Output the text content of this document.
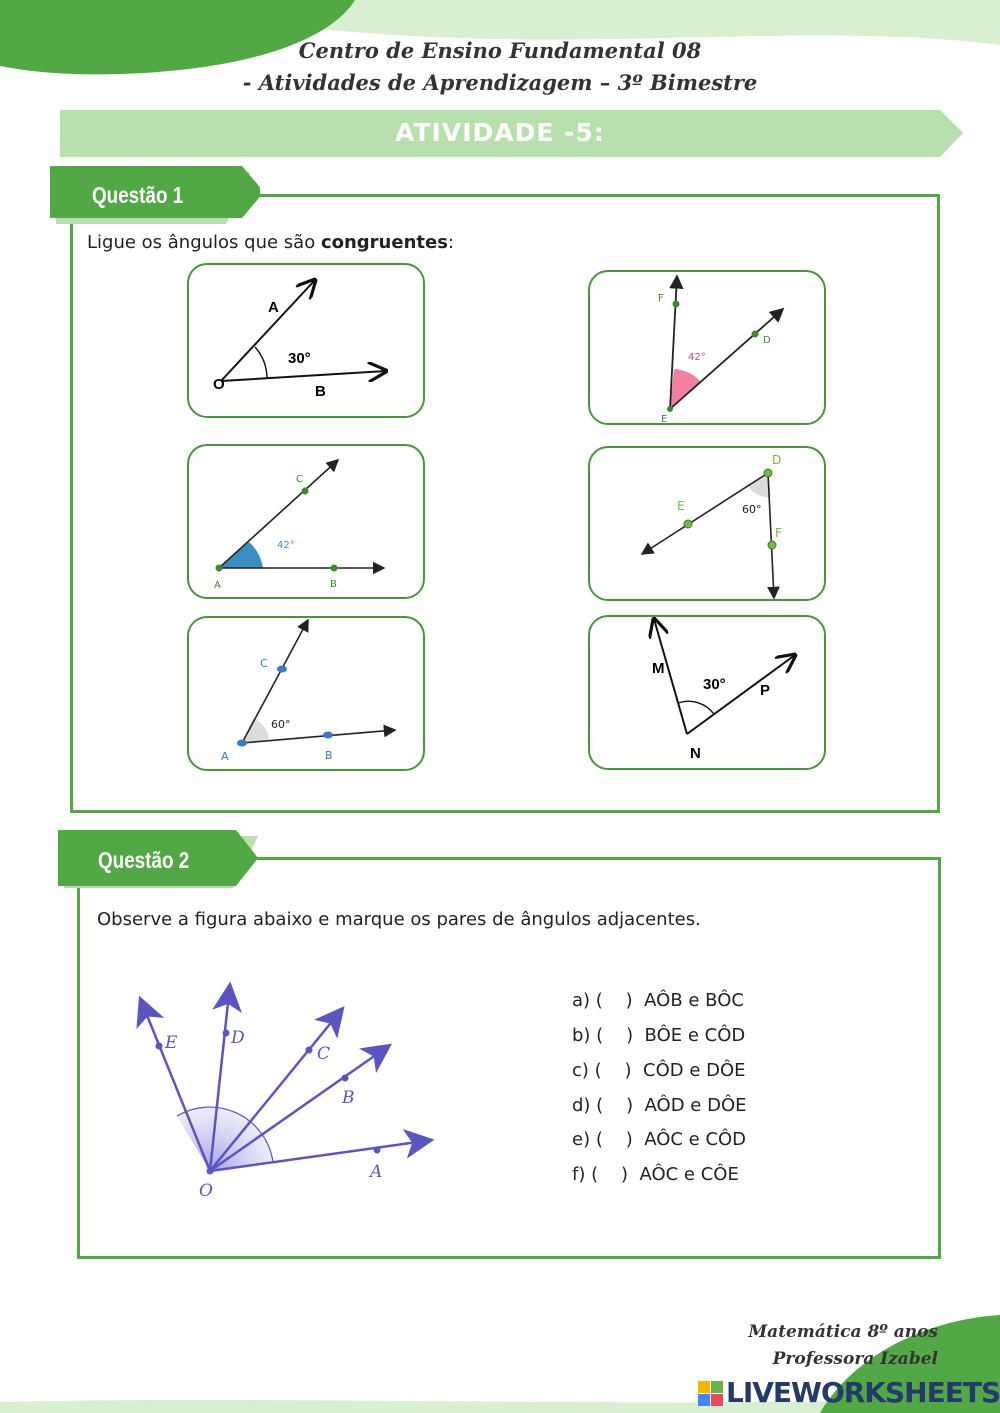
Centro de Ensino Fundamental 08
- Atividades de Aprendizagem – 3º Bimestre
ATIVIDADE -5:
Questão 1
Ligue os ângulos que são congruentes:
A
O	B
30°
F
D
E
42°
C
A	B
42°
D
E
F
60°
C
A	B
60°
M
P
N
30°
Questão 2
Observe a figura abaixo e marque os pares de ângulos adjacentes.
E	D
C
B
A
O
a) (    )  AÔB e BÔC
b) (    )  BÔE e CÔD
c) (    )  CÔD e DÔE
d) (    )  AÔD e DÔE
e) (    )  AÔC e CÔD
f) (    )  AÔC e CÔE
Matemática 8º anos
Professora Izabel
LIVEWORKSHEETS
